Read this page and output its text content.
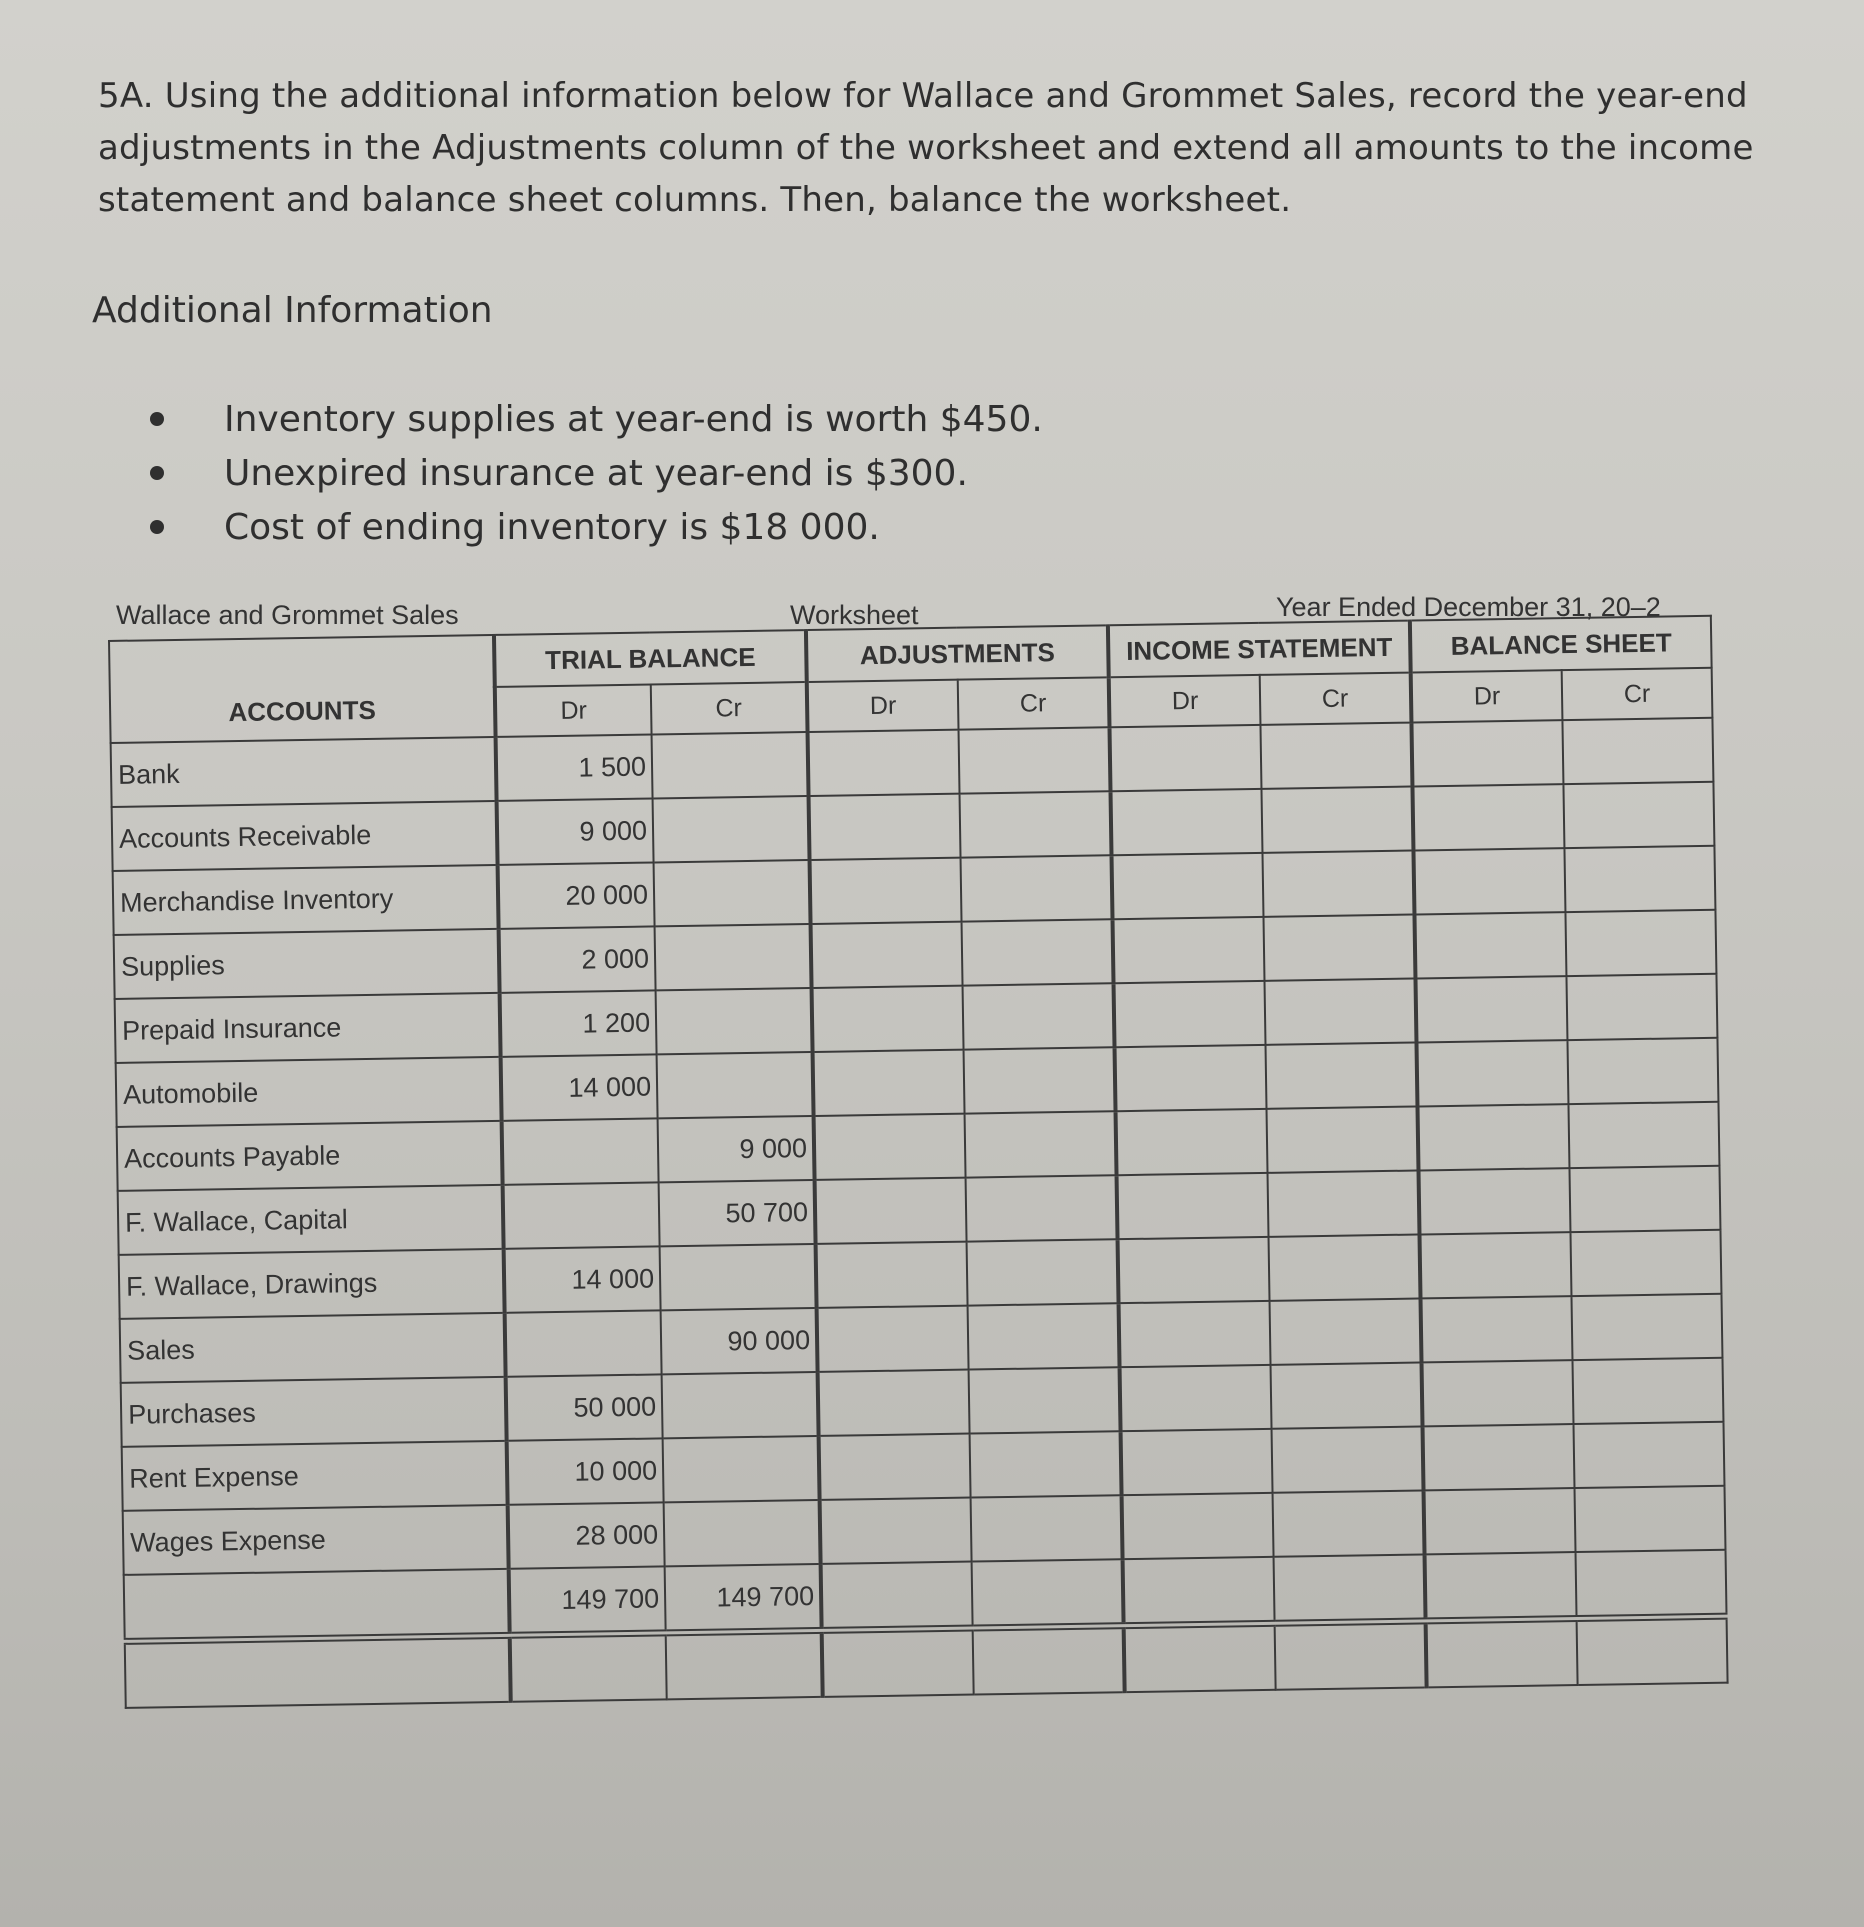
5A. Using the additional information below for Wallace and Grommet Sales, record the year-end adjustments in the Adjustments column of the worksheet and extend all amounts to the income statement and balance sheet columns. Then, balance the worksheet.
Additional Information
Inventory supplies at year-end is worth $450.
Unexpired insurance at year-end is $300.
Cost of ending inventory is $18 000.
Wallace and Grommet Sales	Worksheet	Year Ended December 31, 20–2
ACCOUNTS	TRIAL BALANCE		ADJUSTMENTS		INCOME STATEMENT		BALANCE SHEET	
	Dr	Cr	Dr	Cr	Dr	Cr	Dr	Cr
Bank	1 500							
Accounts Receivable	9 000							
Merchandise Inventory	20 000							
Supplies	2 000							
Prepaid Insurance	1 200							
Automobile	14 000							
Accounts Payable		9 000						
F. Wallace, Capital		50 700						
F. Wallace, Drawings	14 000							
Sales		90 000						
Purchases	50 000							
Rent Expense	10 000							
Wages Expense	28 000							
	149 700	149 700						
